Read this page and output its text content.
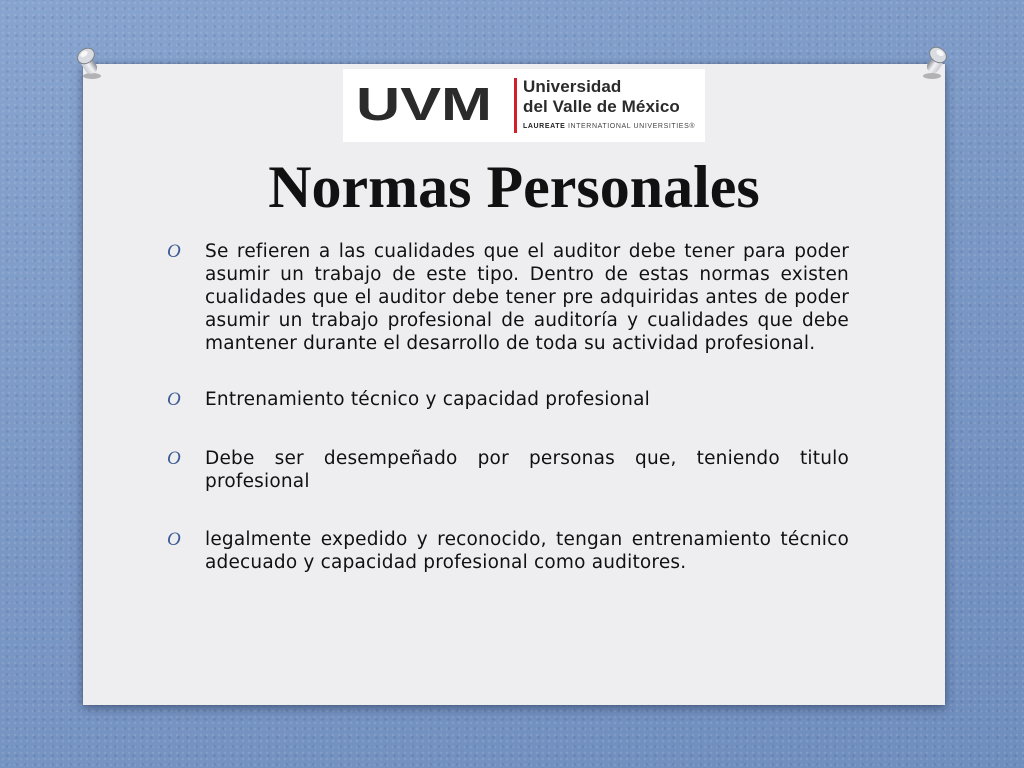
UVM Universidad
del Valle de México
LAUREATE INTERNATIONAL UNIVERSITIES®
Normas Personales
O Se refieren a las cualidades que el auditor debe tener para poder asumir un trabajo de este tipo. Dentro de estas normas existen cualidades que el auditor debe tener pre adquiridas antes de poder asumir un trabajo profesional de auditoría y cualidades que debe mantener durante el desarrollo de toda su actividad profesional.
O Entrenamiento técnico y capacidad profesional
O Debe ser desempeñado por personas que, teniendo titulo profesional
O legalmente expedido y reconocido, tengan entrenamiento técnico adecuado y capacidad profesional como auditores.
